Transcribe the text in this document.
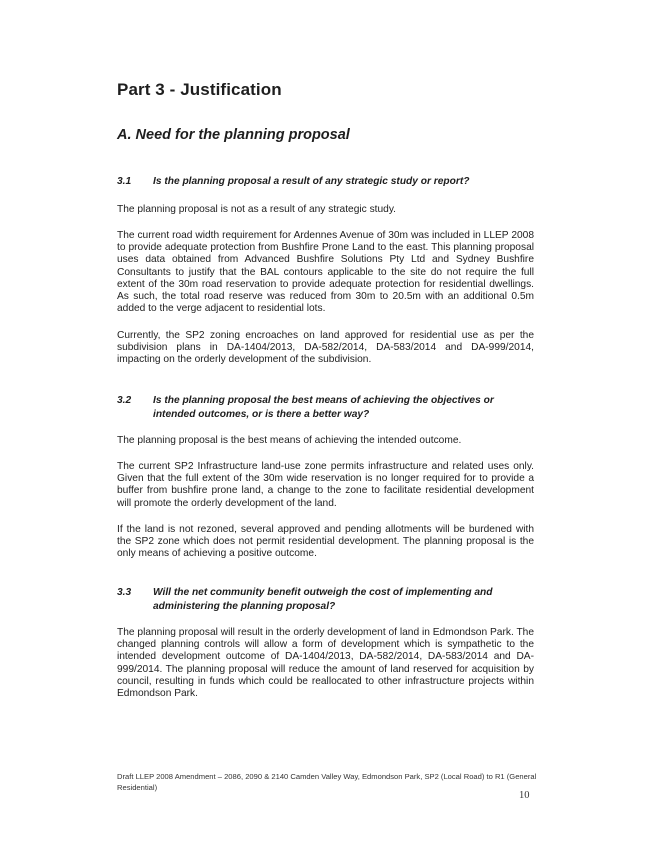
Part 3 - Justification
A. Need for the planning proposal
3.1	Is the planning proposal a result of any strategic study or report?

The planning proposal is not as a result of any strategic study.

The current road width requirement for Ardennes Avenue of 30m was included in LLEP 2008 to provide adequate protection from Bushfire Prone Land to the east. This planning proposal uses data obtained from Advanced Bushfire Solutions Pty Ltd and Sydney Bushfire Consultants to justify that the BAL contours applicable to the site do not require the full extent of the 30m road reservation to provide adequate protection for residential dwellings. As such, the total road reserve was reduced from 30m to 20.5m with an additional 0.5m added to the verge adjacent to residential lots.

Currently, the SP2 zoning encroaches on land approved for residential use as per the subdivision plans in DA-1404/2013, DA-582/2014, DA-583/2014 and DA-999/2014, impacting on the orderly development of the subdivision.

3.2	Is the planning proposal the best means of achieving the objectives or intended outcomes, or is there a better way?

The planning proposal is the best means of achieving the intended outcome.

The current SP2 Infrastructure land-use zone permits infrastructure and related uses only. Given that the full extent of the 30m wide reservation is no longer required for to provide a buffer from bushfire prone land, a change to the zone to facilitate residential development will promote the orderly development of the land.

If the land is not rezoned, several approved and pending allotments will be burdened with the SP2 zone which does not permit residential development. The planning proposal is the only means of achieving a positive outcome.

3.3	Will the net community benefit outweigh the cost of implementing and administering the planning proposal?

The planning proposal will result in the orderly development of land in Edmondson Park. The changed planning controls will allow a form of development which is sympathetic to the intended development outcome of DA-1404/2013, DA-582/2014, DA-583/2014 and DA-999/2014. The planning proposal will reduce the amount of land reserved for acquisition by council, resulting in funds which could be reallocated to other infrastructure projects within Edmondson Park.

Draft LLEP 2008 Amendment – 2086, 2090 & 2140 Camden Valley Way, Edmondson Park, SP2 (Local Road) to R1 (General Residential)

10
